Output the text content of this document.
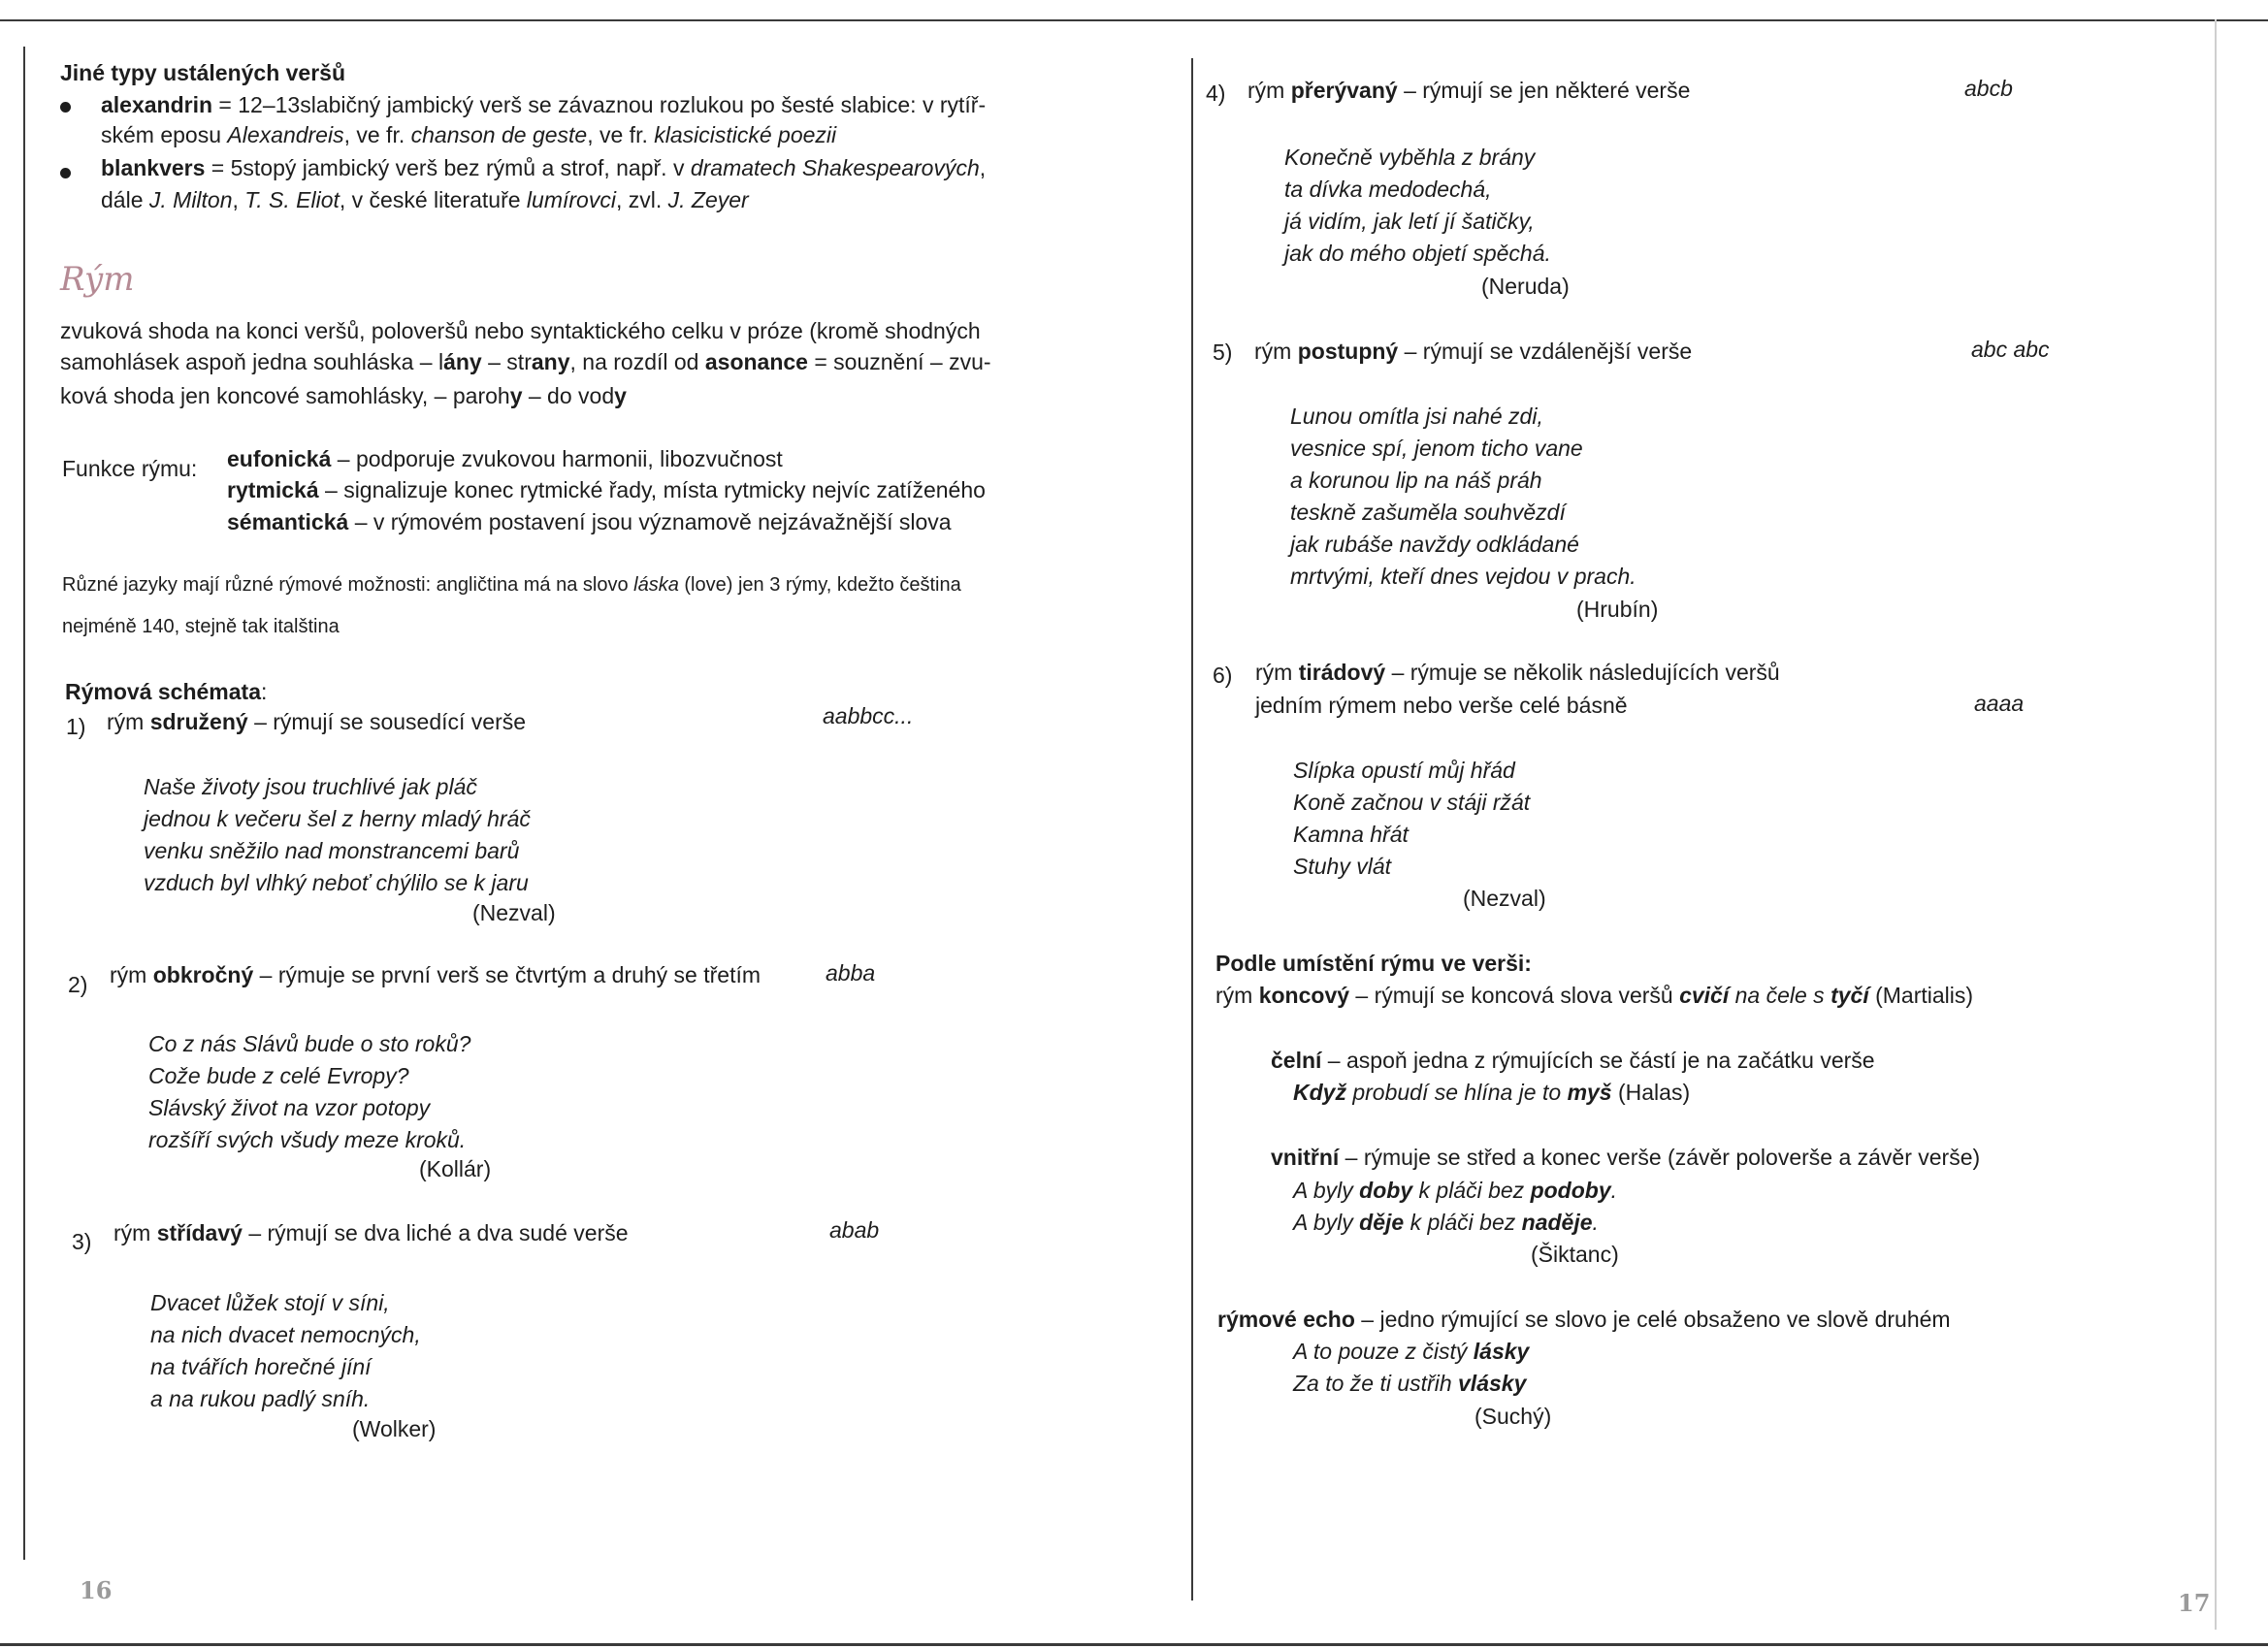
Jiné typy ustálených veršů
alexandrin = 12–13slabičný jambický verš se závaznou rozlukou po šesté slabice: v rytíř-
ském eposu Alexandreis, ve fr. chanson de geste, ve fr. klasicistické poezii
blankvers = 5stopý jambický verš bez rýmů a strof, např. v dramatech Shakespearových,
dále J. Milton, T. S. Eliot, v české literatuře lumírovci, zvl. J. Zeyer
Rým
zvuková shoda na konci veršů, poloveršů nebo syntaktického celku v próze (kromě shodných
samohlásek aspoň jedna souhláska – lány – strany, na rozdíl od asonance = souznění – zvu-
ková shoda jen koncové samohlásky, – parohy – do vody
Funkce rýmu: eufonická – podporuje zvukovou harmonii, libozvučnost
rytmická – signalizuje konec rytmické řady, místa rytmicky nejvíc zatíženého
sémantická – v rýmovém postavení jsou významově nejzávažnější slova
Různé jazyky mají různé rýmové možnosti: angličtina má na slovo láska (love) jen 3 rýmy, kdežto čeština
nejméně 140, stejně tak italština
Rýmová schémata:
1) rým sdružený – rýmují se sousedící verše	aabbcc...
Naše životy jsou truchlivé jak pláč
jednou k večeru šel z herny mladý hráč
venku sněžilo nad monstrancemi barů
vzduch byl vlhký neboť chýlilo se k jaru
(Nezval)
2) rým obkročný – rýmuje se první verš se čtvrtým a druhý se třetím	abba
Co z nás Slávů bude o sto roků?
Cože bude z celé Evropy?
Slávský život na vzor potopy
rozšíří svých všudy meze kroků.
(Kollár)
3) rým střídavý – rýmují se dva liché a dva sudé verše	abab
Dvacet lůžek stojí v síni,
na nich dvacet nemocných,
na tvářích horečné jíní
a na rukou padlý sníh.
(Wolker)
16
4) rým přerývaný – rýmují se jen některé verše	abcb
Konečně vyběhla z brány
ta dívka medodechá,
já vidím, jak letí jí šatičky,
jak do mého objetí spěchá.
(Neruda)
5) rým postupný – rýmují se vzdálenější verše	abc abc
Lunou omítla jsi nahé zdi,
vesnice spí, jenom ticho vane
a korunou lip na náš práh
teskně zašuměla souhvězdí
jak rubáše navždy odkládané
mrtvými, kteří dnes vejdou v prach.
(Hrubín)
6) rým tirádový – rýmuje se několik následujících veršů
jedním rýmem nebo verše celé básně	aaaa
Slípka opustí můj hřád
Koně začnou v stáji ržát
Kamna hřát
Stuhy vlát
(Nezval)
Podle umístění rýmu ve verši:
rým koncový – rýmují se koncová slova veršů cvičí na čele s tyčí (Martialis)
čelní – aspoň jedna z rýmujících se částí je na začátku verše
Když probudí se hlína je to myš (Halas)
vnitřní – rýmuje se střed a konec verše (závěr poloverše a závěr verše)
A byly doby k pláči bez podoby.
A byly děje k pláči bez naděje.
(Šiktanc)
rýmové echo – jedno rýmující se slovo je celé obsaženo ve slově druhém
A to pouze z čistý lásky
Za to že ti ustřih vlásky
(Suchý)
17
